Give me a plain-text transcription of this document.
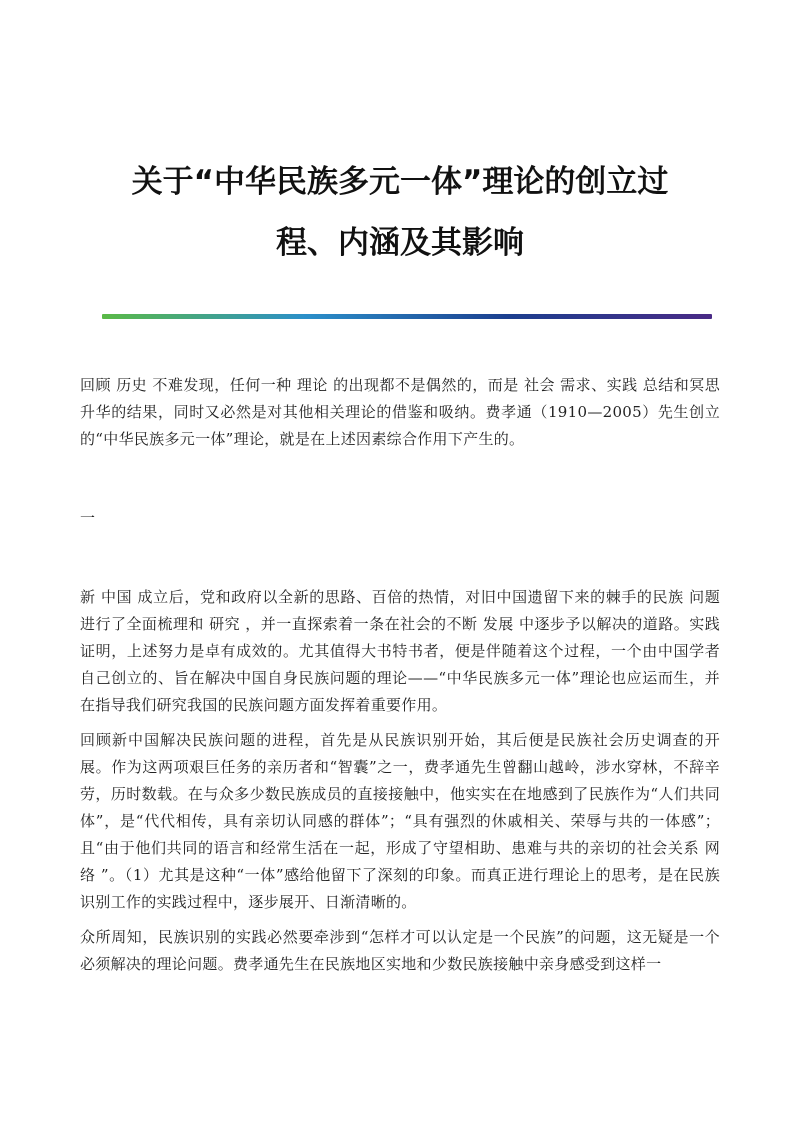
关于“中华民族多元一体”理论的创立过

程、内涵及其影响

回顾 历史 不难发现，任何一种 理论 的出现都不是偶然的，而是 社会 需求、实践 总结和冥思升华的结果，同时又必然是对其他相关理论的借鉴和吸纳。费孝通（1910—2005）先生创立的“中华民族多元一体”理论，就是在上述因素综合作用下产生的。

一

新 中国 成立后，党和政府以全新的思路、百倍的热情，对旧中国遗留下来的棘手的民族 问题 进行了全面梳理和 研究 ，并一直探索着一条在社会的不断 发展 中逐步予以解决的道路。实践证明，上述努力是卓有成效的。尤其值得大书特书者，便是伴随着这个过程，一个由中国学者自己创立的、旨在解决中国自身民族问题的理论——“中华民族多元一体”理论也应运而生，并在指导我们研究我国的民族问题方面发挥着重要作用。

回顾新中国解决民族问题的进程，首先是从民族识别开始，其后便是民族社会历史调查的开展。作为这两项艰巨任务的亲历者和“智囊”之一，费孝通先生曾翻山越岭，涉水穿林，不辞辛劳，历时数载。在与众多少数民族成员的直接接触中，他实实在在地感到了民族作为“人们共同体”，是“代代相传，具有亲切认同感的群体”；“具有强烈的休戚相关、荣辱与共的一体感”；且“由于他们共同的语言和经常生活在一起，形成了守望相助、患难与共的亲切的社会关系 网络 ”。（1）尤其是这种“一体”感给他留下了深刻的印象。而真正进行理论上的思考，是在民族识别工作的实践过程中，逐步展开、日渐清晰的。

众所周知，民族识别的实践必然要牵涉到“怎样才可以认定是一个民族”的问题，这无疑是一个必须解决的理论问题。费孝通先生在民族地区实地和少数民族接触中亲身感受到这样一
